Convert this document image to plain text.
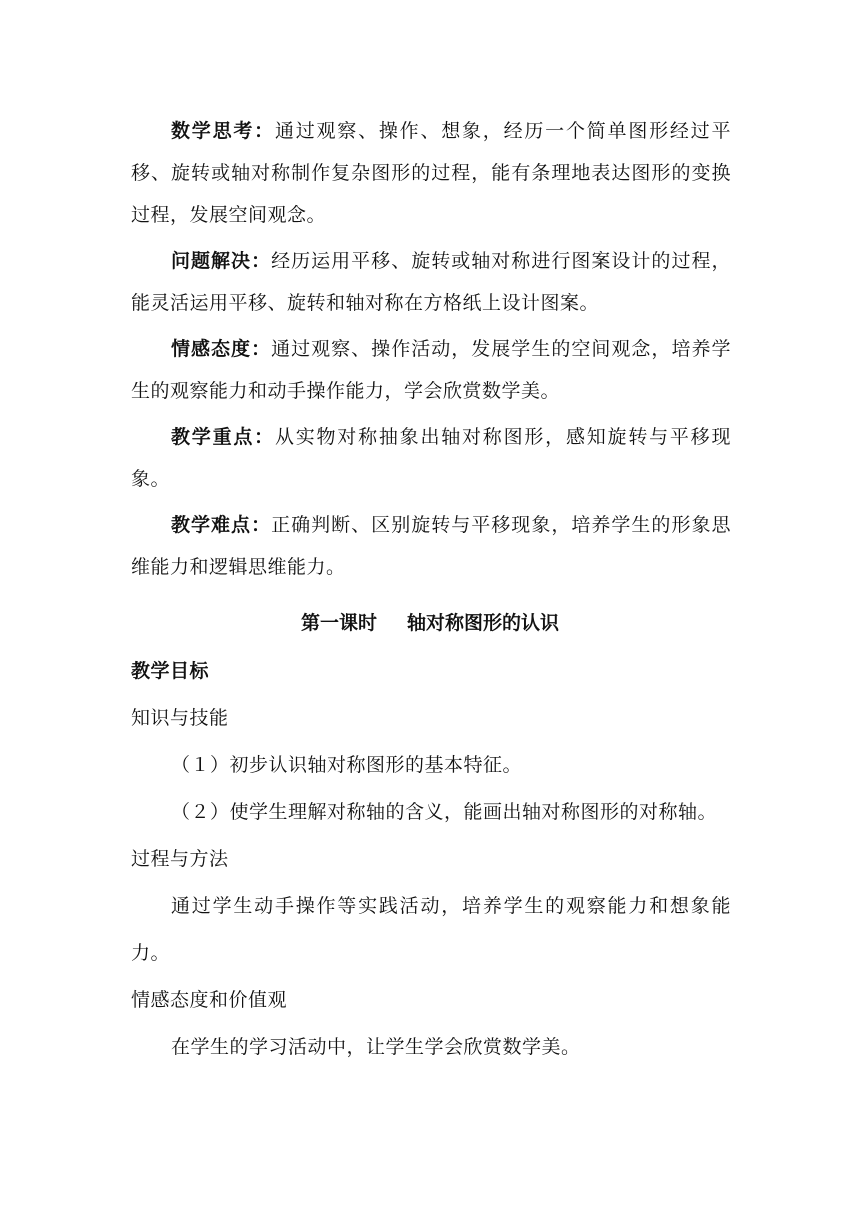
数学思考：通过观察、操作、想象，经历一个简单图形经过平移、旋转或轴对称制作复杂图形的过程，能有条理地表达图形的变换过程，发展空间观念。

问题解决：经历运用平移、旋转或轴对称进行图案设计的过程，能灵活运用平移、旋转和轴对称在方格纸上设计图案。

情感态度：通过观察、操作活动，发展学生的空间观念，培养学生的观察能力和动手操作能力，学会欣赏数学美。

教学重点：从实物对称抽象出轴对称图形，感知旋转与平移现象。

教学难点：正确判断、区别旋转与平移现象，培养学生的形象思维能力和逻辑思维能力。

第一课时 轴对称图形的认识

教学目标

知识与技能

（１）初步认识轴对称图形的基本特征。

（２）使学生理解对称轴的含义，能画出轴对称图形的对称轴。

过程与方法

通过学生动手操作等实践活动，培养学生的观察能力和想象能力。

情感态度和价值观

在学生的学习活动中，让学生学会欣赏数学美。
